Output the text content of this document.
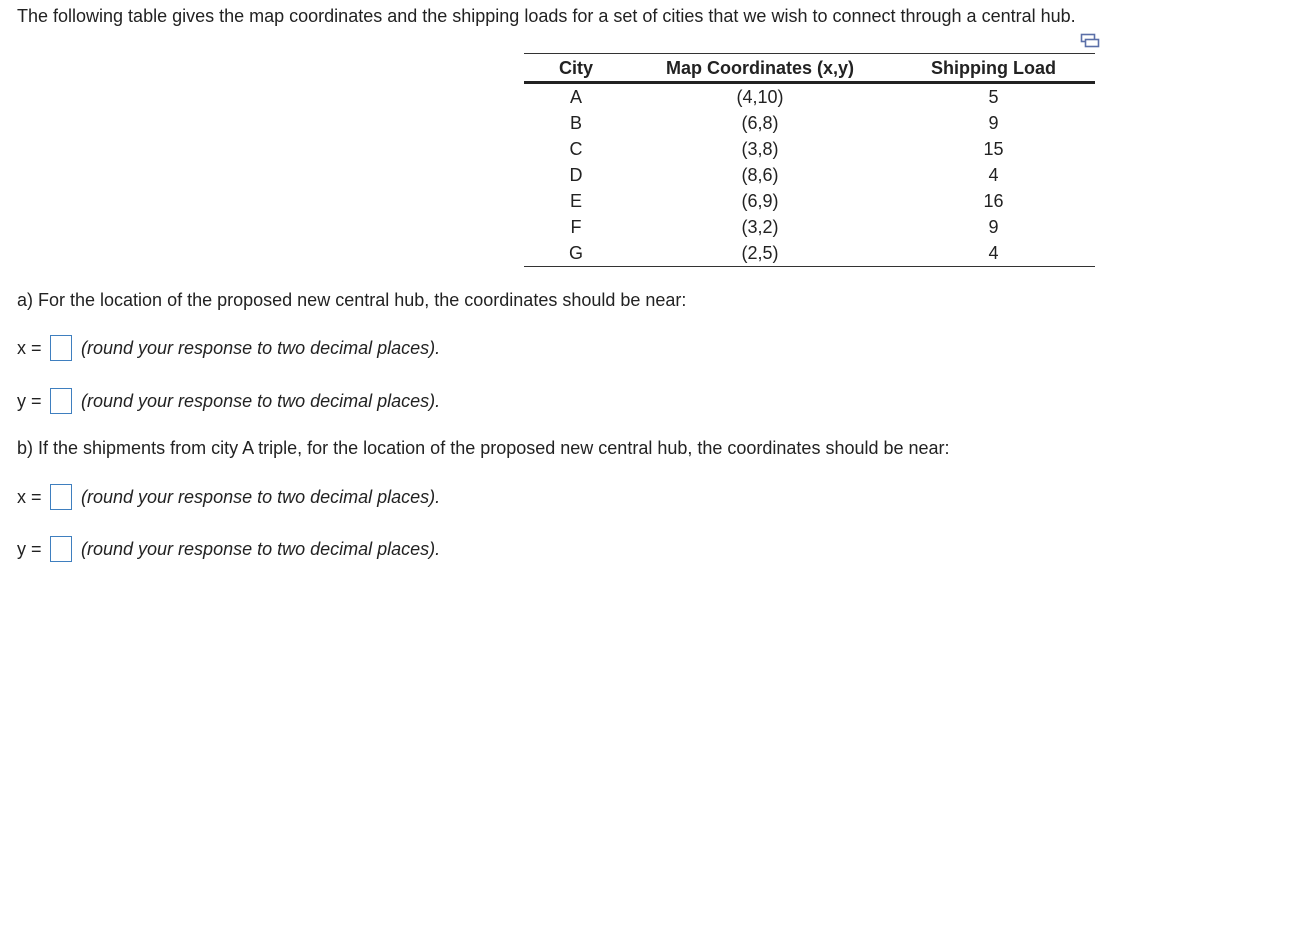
The following table gives the map coordinates and the shipping loads for a set of cities that we wish to connect through a central hub.
City	Map Coordinates (x,y)	Shipping Load
A	(4,10)	5
B	(6,8)	9
C	(3,8)	15
D	(8,6)	4
E	(6,9)	16
F	(3,2)	9
G	(2,5)	4
a) For the location of the proposed new central hub, the coordinates should be near:
x =	(round your response to two decimal places).
y =	(round your response to two decimal places).
b) If the shipments from city A triple, for the location of the proposed new central hub, the coordinates should be near:
x =	(round your response to two decimal places).
y =	(round your response to two decimal places).
